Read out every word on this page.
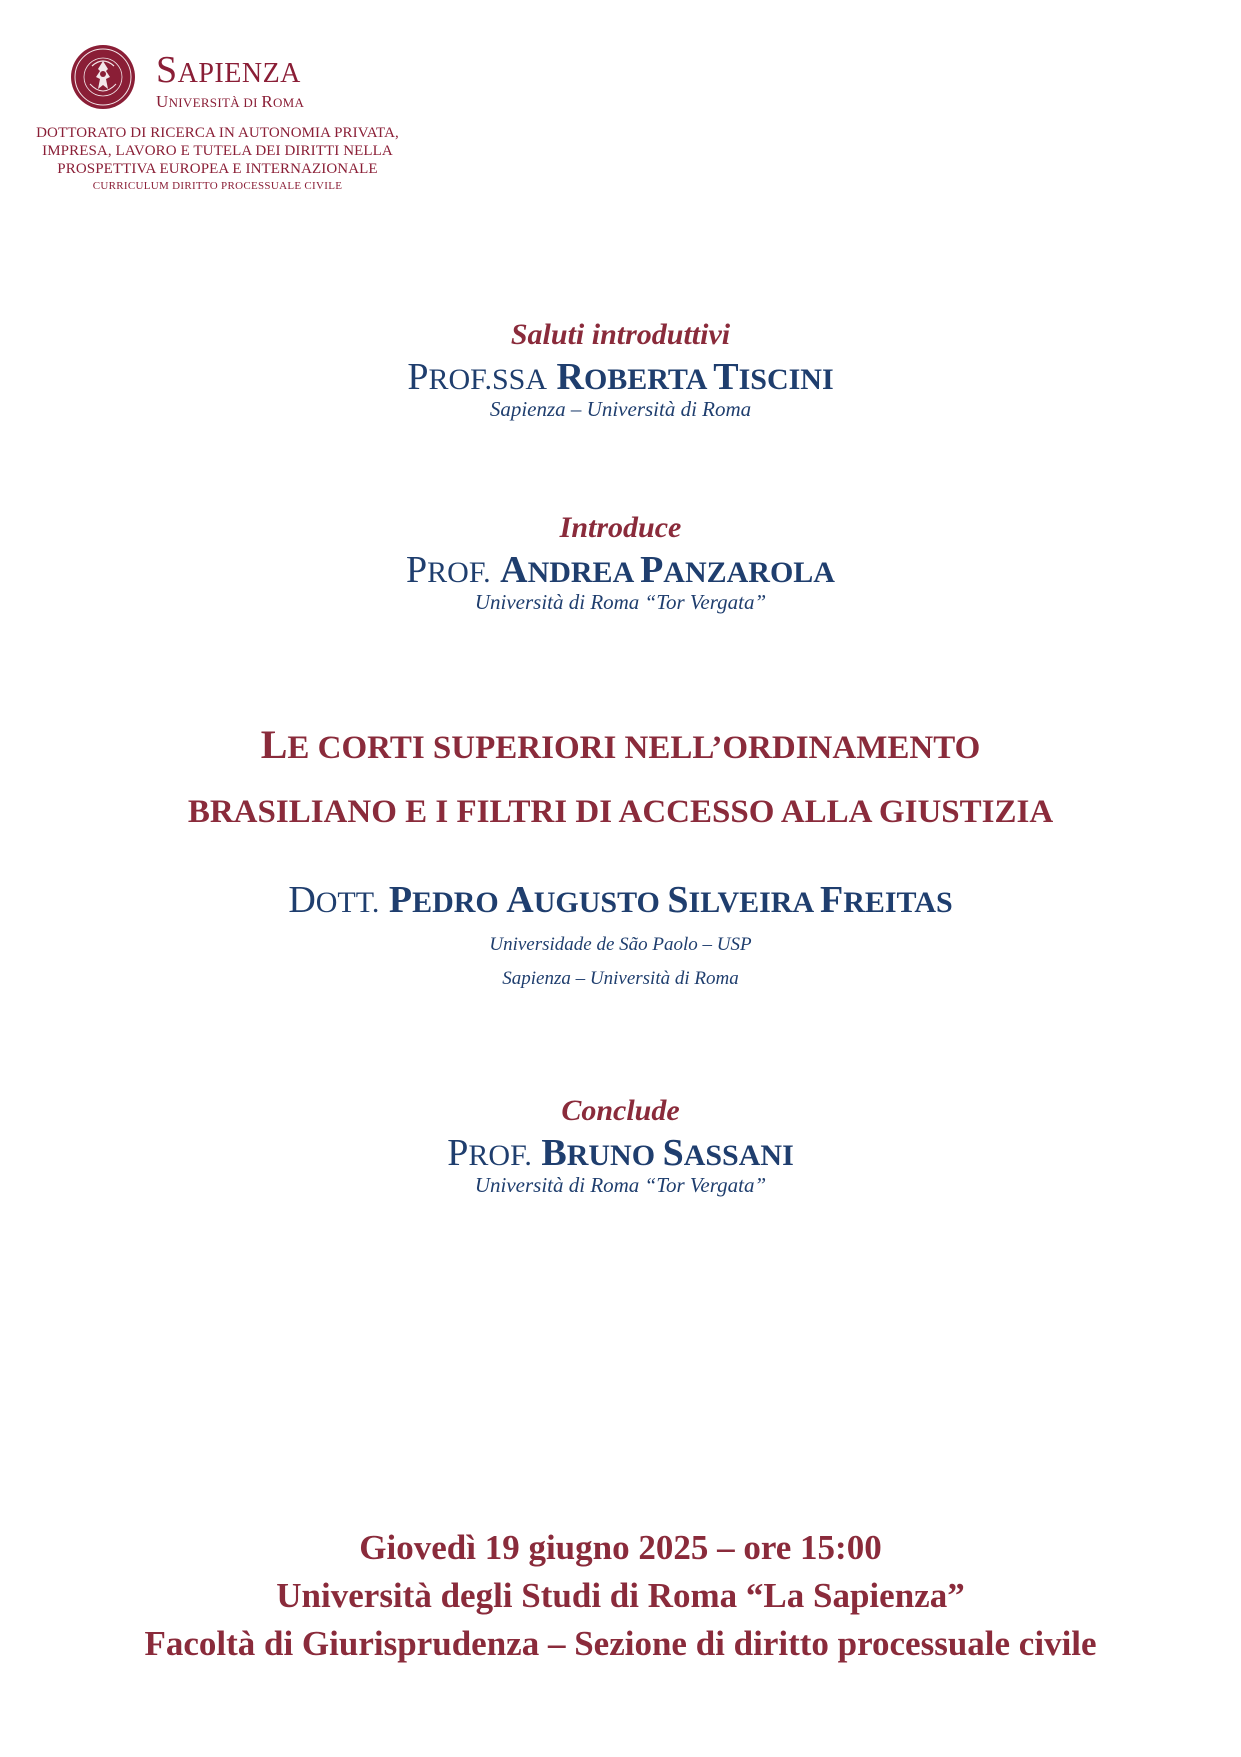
SAPIENZA
UNIVERSITÀ DI ROMA
DOTTORATO DI RICERCA IN AUTONOMIA PRIVATA,
IMPRESA, LAVORO E TUTELA DEI DIRITTI NELLA
PROSPETTIVA EUROPEA E INTERNAZIONALE
CURRICULUM DIRITTO PROCESSUALE CIVILE
Saluti introduttivi
PROF.SSA ROBERTA TISCINI
Sapienza – Università di Roma
Introduce
PROF. ANDREA PANZAROLA
Università di Roma “Tor Vergata”
LE CORTI SUPERIORI NELL’ORDINAMENTO
BRASILIANO E I FILTRI DI ACCESSO ALLA GIUSTIZIA
DOTT. PEDRO AUGUSTO SILVEIRA FREITAS
Universidade de São Paolo – USP
Sapienza – Università di Roma
Conclude
PROF. BRUNO SASSANI
Università di Roma “Tor Vergata”
Giovedì 19 giugno 2025 – ore 15:00
Università degli Studi di Roma “La Sapienza”
Facoltà di Giurisprudenza – Sezione di diritto processuale civile
